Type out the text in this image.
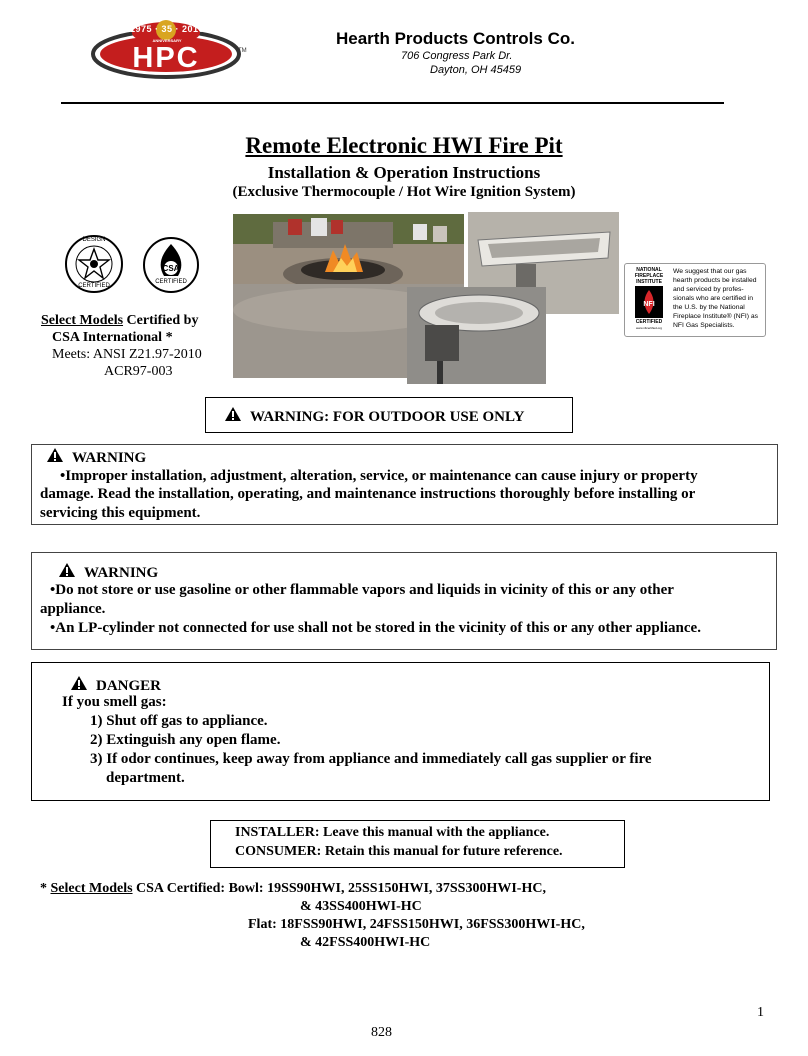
1975 · 35 · 2010
ANNIVERSARY
HPC	TM
Hearth Products Controls Co.
706 Congress Park Dr.
Dayton, OH 45459
Remote Electronic HWI Fire Pit
Installation & Operation Instructions
(Exclusive Thermocouple / Hot Wire Ignition System)
DESIGN
CERTIFIED
CSA
CERTIFIED
Select Models Certified by
CSA International *
Meets: ANSI Z21.97-2010
ACR97-003
NATIONAL
FIREPLACE
INSTITUTE
NFI
CERTIFIED
www.nficertified.org
We suggest that our gas
hearth products be installed
and serviced by profes-
sionals who are certified in
the U.S. by the National
Fireplace Institute® (NFI) as
NFI Gas Specialists.
WARNING: FOR OUTDOOR USE ONLY
WARNING
•Improper installation, adjustment, alteration, service, or maintenance can cause injury or property
damage. Read the installation, operating, and maintenance instructions thoroughly before installing or
servicing this equipment.
WARNING
•Do not store or use gasoline or other flammable vapors and liquids in vicinity of this or any other
appliance.
•An LP-cylinder not connected for use shall not be stored in the vicinity of this or any other appliance.
DANGER
If you smell gas:
1) Shut off gas to appliance.
2) Extinguish any open flame.
3) If odor continues, keep away from appliance and immediately call gas supplier or fire
department.
INSTALLER: Leave this manual with the appliance.
CONSUMER: Retain this manual for future reference.
* Select Models CSA Certified: Bowl: 19SS90HWI, 25SS150HWI, 37SS300HWI-HC,
& 43SS400HWI-HC
Flat: 18FSS90HWI, 24FSS150HWI, 36FSS300HWI-HC,
& 42FSS400HWI-HC
1
828
